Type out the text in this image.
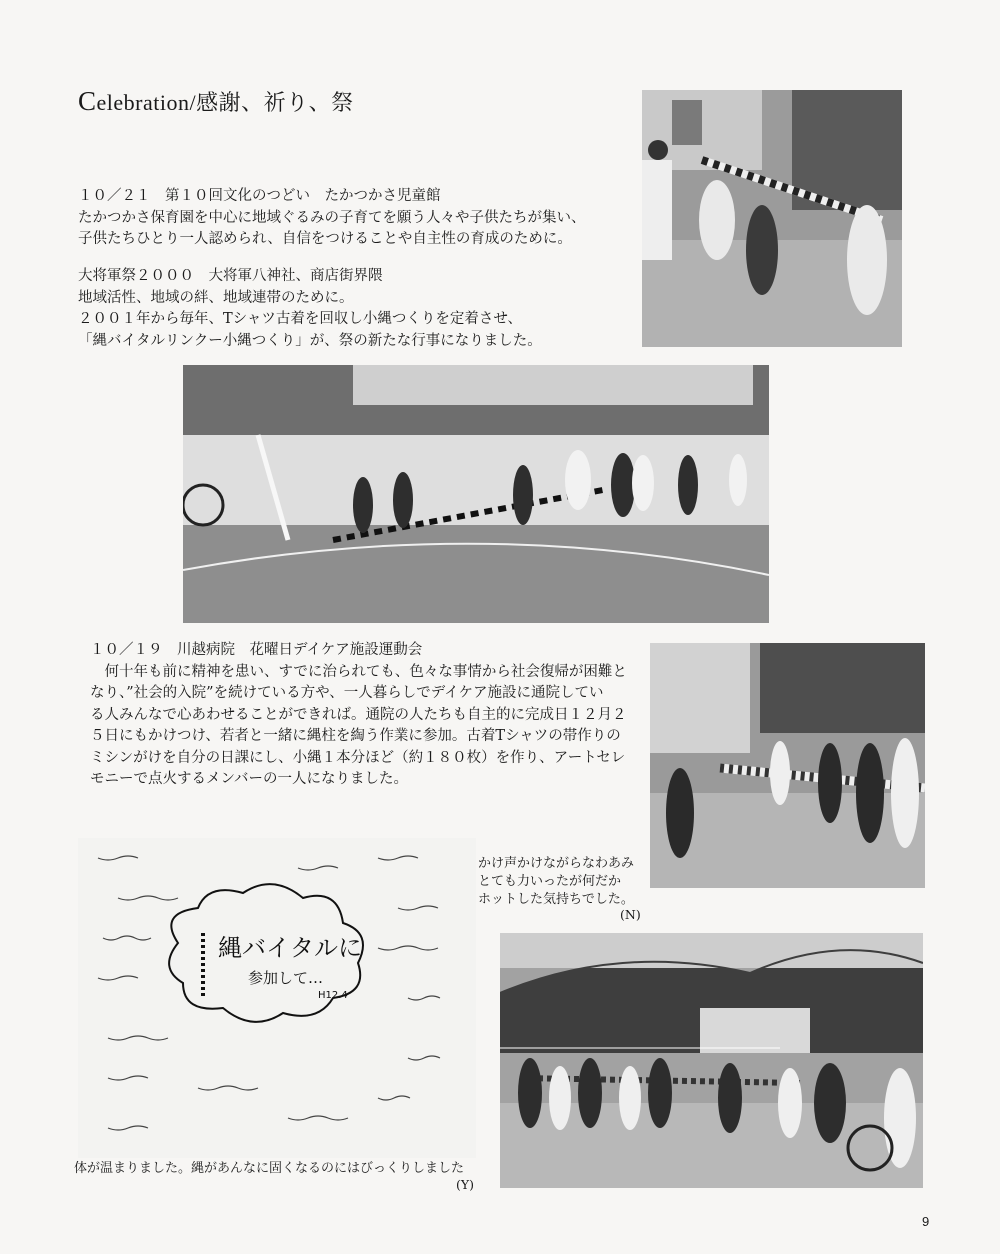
Celebration/感謝、祈り、祭

１０／２１　第１０回文化のつどい　たかつかさ児童館

たかつかさ保育園を中心に地域ぐるみの子育てを願う人々や子供たちが集い、

子供たちひとり一人認められ、自信をつけることや自主性の育成のために。

大将軍祭２０００　大将軍八神社、商店街界隈

地域活性、地域の絆、地域連帯のために。

２００１年から毎年、Tシャツ古着を回収し小縄つくりを定着させ、

「縄バイタルリンクー小縄つくり」が、祭の新たな行事になりました。

１０／１９　川越病院　花曜日デイケア施設運動会

　何十年も前に精神を患い、すでに治られても、色々な事情から社会復帰が困難と

なり、”社会的入院”を続けている方や、一人暮らしでデイケア施設に通院してい

る人みんなで心あわせることができれば。通院の人たちも自主的に完成日１２月２

５日にもかけつけ、若者と一緒に縄柱を綯う作業に参加。古着Tシャツの帯作りの

ミシンがけを自分の日課にし、小縄１本分ほど（約１８０枚）を作り、アートセレ

モニーで点火するメンバーの一人になりました。

かけ声かけながらなわあみ

とても力いったが何だか

ホットした気持ちでした。

(N)
縄バイタルに
参加して…
H12.4

体が温まりました。縄があんなに固くなるのにはびっくりしました

(Y)
9
